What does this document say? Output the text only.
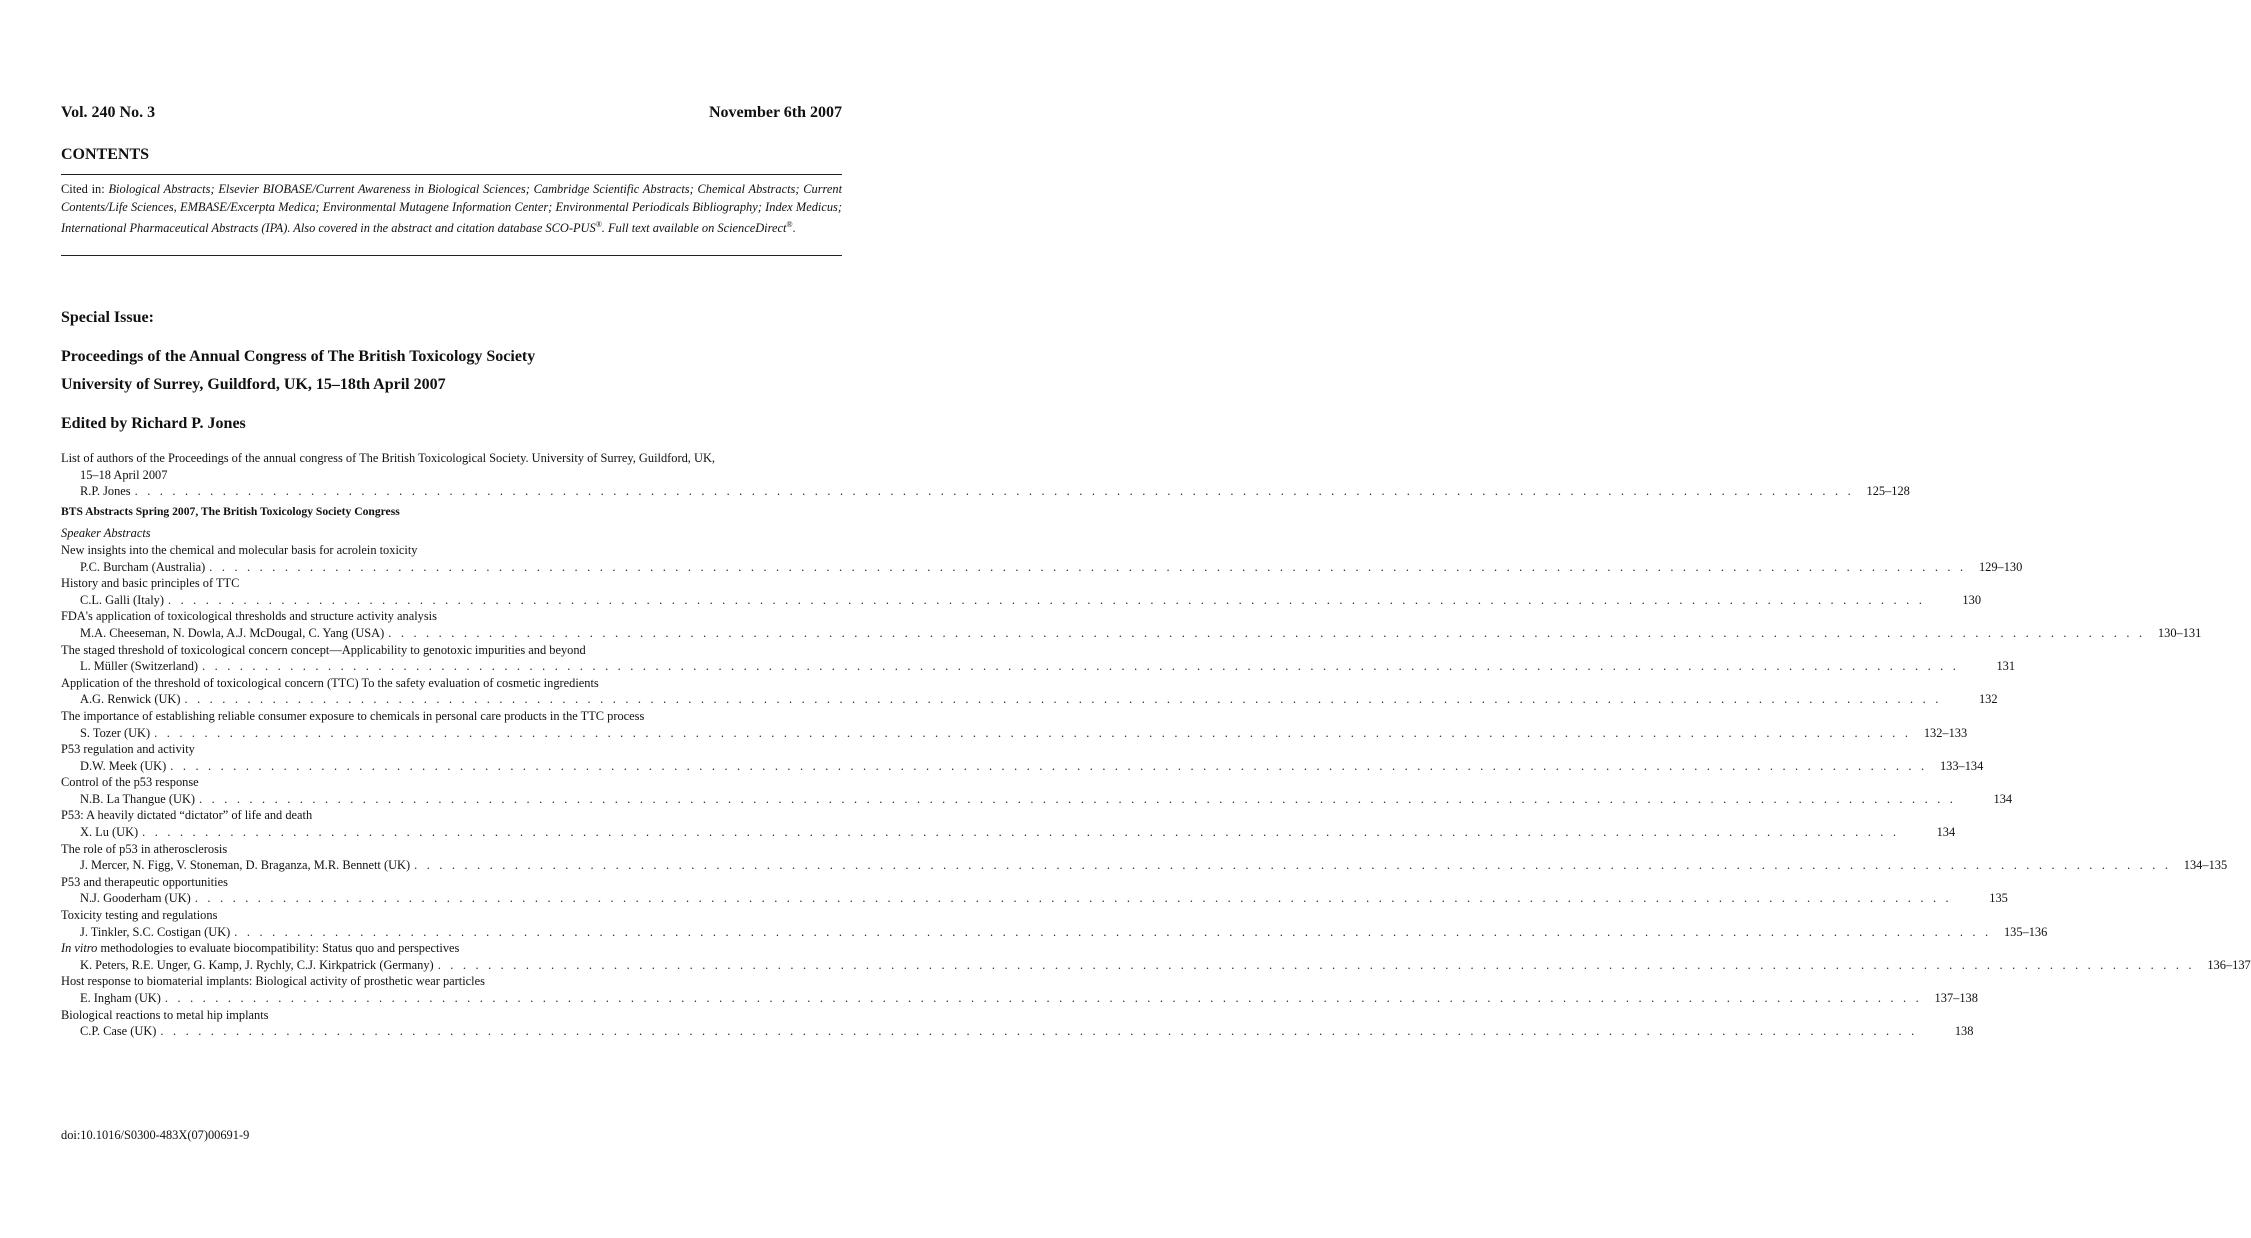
Vol. 240 No. 3	November 6th 2007
CONTENTS
Cited in: Biological Abstracts; Elsevier BIOBASE/Current Awareness in Biological Sciences; Cambridge Scientific Abstracts; Chemical Abstracts; Current Contents/Life Sciences, EMBASE/Excerpta Medica; Environmental Mutagene Information Center; Environmental Periodicals Bibliography; Index Medicus; International Pharmaceutical Abstracts (IPA). Also covered in the abstract and citation database SCO-PUS®. Full text available on ScienceDirect®.
Special Issue:
Proceedings of the Annual Congress of The British Toxicology Society
University of Surrey, Guildford, UK, 15–18th April 2007
Edited by Richard P. Jones
List of authors of the Proceedings of the annual congress of The British Toxicological Society. University of Surrey, Guildford, UK,
15–18 April 2007
R.P. Jones . . . . . . . . . . . . . . . . . . . . . . . . . . . . . . . . . . . . . . . . . . . . . . . . . . . . . . . . . . . . . . . . . . . . . . . . . . . . . . . . . . . . . . . . . . . . . . . . . . . . . . . . . . . . . . . . . . . . . . . . . . . . . . . . . . . . . . . . .	125–128
BTS Abstracts Spring 2007, The British Toxicology Society Congress
Speaker Abstracts
New insights into the chemical and molecular basis for acrolein toxicity
P.C. Burcham (Australia) . . . . . . . . . . . . . . . . . . . . . . . . . . . . . . . . . . . . . . . . . . . . . . . . . . . . . . . . . . . . . . . . . . . . . . . . . . . . . . . . . . . . . . . . . . . . . . . . . . . . . . . . . . . . . . . . . . . . . . . . . . . . . . . . . . . . . . . . . . . .	129–130
History and basic principles of TTC
C.L. Galli (Italy) . . . . . . . . . . . . . . . . . . . . . . . . . . . . . . . . . . . . . . . . . . . . . . . . . . . . . . . . . . . . . . . . . . . . . . . . . . . . . . . . . . . . . . . . . . . . . . . . . . . . . . . . . . . . . . . . . . . . . . . . . . . . . . . . . . . . . . . . . . . .	130
FDA's application of toxicological thresholds and structure activity analysis
M.A. Cheeseman, N. Dowla, A.J. McDougal, C. Yang (USA) . . . . . . . . . . . . . . . . . . . . . . . . . . . . . . . . . . . . . . . . . . . . . . . . . . . . . . . . . . . . . . . . . . . . . . . . . . . . . . . . . . . . . . . . . . . . . . . . . . . . . . . . . . . . . . . . . . . . . . . . . . . . . . . . . . . . . . . . . . . .	130–131
The staged threshold of toxicological concern concept—Applicability to genotoxic impurities and beyond
L. Müller (Switzerland) . . . . . . . . . . . . . . . . . . . . . . . . . . . . . . . . . . . . . . . . . . . . . . . . . . . . . . . . . . . . . . . . . . . . . . . . . . . . . . . . . . . . . . . . . . . . . . . . . . . . . . . . . . . . . . . . . . . . . . . . . . . . . . . . . . . . . . . . . . . .	131
Application of the threshold of toxicological concern (TTC) To the safety evaluation of cosmetic ingredients
A.G. Renwick (UK) . . . . . . . . . . . . . . . . . . . . . . . . . . . . . . . . . . . . . . . . . . . . . . . . . . . . . . . . . . . . . . . . . . . . . . . . . . . . . . . . . . . . . . . . . . . . . . . . . . . . . . . . . . . . . . . . . . . . . . . . . . . . . . . . . . . . . . . . . . . .	132
The importance of establishing reliable consumer exposure to chemicals in personal care products in the TTC process
S. Tozer (UK) . . . . . . . . . . . . . . . . . . . . . . . . . . . . . . . . . . . . . . . . . . . . . . . . . . . . . . . . . . . . . . . . . . . . . . . . . . . . . . . . . . . . . . . . . . . . . . . . . . . . . . . . . . . . . . . . . . . . . . . . . . . . . . . . . . . . . . . . . . . .	132–133
P53 regulation and activity
D.W. Meek (UK) . . . . . . . . . . . . . . . . . . . . . . . . . . . . . . . . . . . . . . . . . . . . . . . . . . . . . . . . . . . . . . . . . . . . . . . . . . . . . . . . . . . . . . . . . . . . . . . . . . . . . . . . . . . . . . . . . . . . . . . . . . . . . . . . . . . . . . . . . . . .	133–134
Control of the p53 response
N.B. La Thangue (UK) . . . . . . . . . . . . . . . . . . . . . . . . . . . . . . . . . . . . . . . . . . . . . . . . . . . . . . . . . . . . . . . . . . . . . . . . . . . . . . . . . . . . . . . . . . . . . . . . . . . . . . . . . . . . . . . . . . . . . . . . . . . . . . . . . . . . . . . . . . . .	134
P53: A heavily dictated “dictator” of life and death
X. Lu (UK) . . . . . . . . . . . . . . . . . . . . . . . . . . . . . . . . . . . . . . . . . . . . . . . . . . . . . . . . . . . . . . . . . . . . . . . . . . . . . . . . . . . . . . . . . . . . . . . . . . . . . . . . . . . . . . . . . . . . . . . . . . . . . . . . . . . . . . . . . . . .	134
The role of p53 in atherosclerosis
J. Mercer, N. Figg, V. Stoneman, D. Braganza, M.R. Bennett (UK) . . . . . . . . . . . . . . . . . . . . . . . . . . . . . . . . . . . . . . . . . . . . . . . . . . . . . . . . . . . . . . . . . . . . . . . . . . . . . . . . . . . . . . . . . . . . . . . . . . . . . . . . . . . . . . . . . . . . . . . . . . . . . . . . . . . . . . . . . . . .	134–135
P53 and therapeutic opportunities
N.J. Gooderham (UK) . . . . . . . . . . . . . . . . . . . . . . . . . . . . . . . . . . . . . . . . . . . . . . . . . . . . . . . . . . . . . . . . . . . . . . . . . . . . . . . . . . . . . . . . . . . . . . . . . . . . . . . . . . . . . . . . . . . . . . . . . . . . . . . . . . . . . . . . . . . .	135
Toxicity testing and regulations
J. Tinkler, S.C. Costigan (UK) . . . . . . . . . . . . . . . . . . . . . . . . . . . . . . . . . . . . . . . . . . . . . . . . . . . . . . . . . . . . . . . . . . . . . . . . . . . . . . . . . . . . . . . . . . . . . . . . . . . . . . . . . . . . . . . . . . . . . . . . . . . . . . . . . . . . . . . . . . . .	135–136
In vitro methodologies to evaluate biocompatibility: Status quo and perspectives
K. Peters, R.E. Unger, G. Kamp, J. Rychly, C.J. Kirkpatrick (Germany) . . . . . . . . . . . . . . . . . . . . . . . . . . . . . . . . . . . . . . . . . . . . . . . . . . . . . . . . . . . . . . . . . . . . . . . . . . . . . . . . . . . . . . . . . . . . . . . . . . . . . . . . . . . . . . . . . . . . . . . . . . . . . . . . . . . . . . . . . . . .	136–137
Host response to biomaterial implants: Biological activity of prosthetic wear particles
E. Ingham (UK) . . . . . . . . . . . . . . . . . . . . . . . . . . . . . . . . . . . . . . . . . . . . . . . . . . . . . . . . . . . . . . . . . . . . . . . . . . . . . . . . . . . . . . . . . . . . . . . . . . . . . . . . . . . . . . . . . . . . . . . . . . . . . . . . . . . . . . . . . . . .	137–138
Biological reactions to metal hip implants
C.P. Case (UK) . . . . . . . . . . . . . . . . . . . . . . . . . . . . . . . . . . . . . . . . . . . . . . . . . . . . . . . . . . . . . . . . . . . . . . . . . . . . . . . . . . . . . . . . . . . . . . . . . . . . . . . . . . . . . . . . . . . . . . . . . . . . . . . . . . . . . . . . . . . .	138
doi:10.1016/S0300-483X(07)00691-9
